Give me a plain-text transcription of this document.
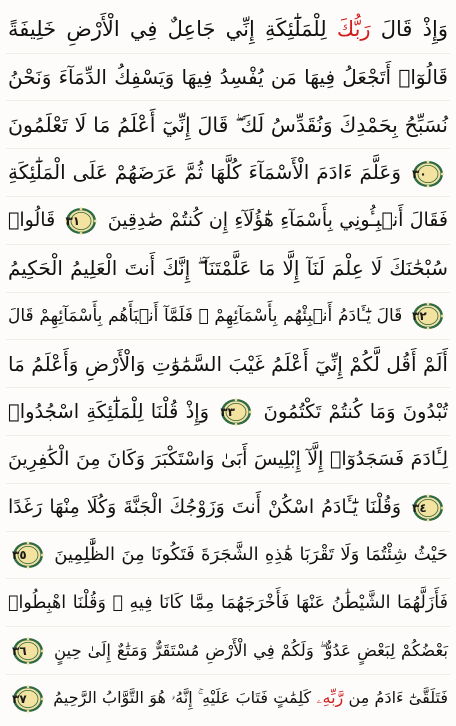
وَإِذْ قَالَ رَبُّكَ لِلْمَلَٰٓئِكَةِ إِنِّي جَاعِلٌ فِي الْأَرْضِ خَلِيفَةً
قَالُوٓا۟ أَتَجْعَلُ فِيهَا مَن يُفْسِدُ فِيهَا وَيَسْفِكُ الدِّمَآءَ وَنَحْنُ
نُسَبِّحُ بِحَمْدِكَ وَنُقَدِّسُ لَكَ ۖ قَالَ إِنِّيٓ أَعْلَمُ مَا لَا تَعْلَمُونَ
٣٠
وَعَلَّمَ ءَادَمَ الْأَسْمَآءَ كُلَّهَا ثُمَّ عَرَضَهُمْ عَلَى الْمَلَٰٓئِكَةِ
فَقَالَ أَنۢبِـُٔونِي بِأَسْمَآءِ هَٰٓؤُلَآءِ إِن كُنتُمْ صَٰدِقِينَ
٣١
قَالُوا۟
سُبْحَٰنَكَ لَا عِلْمَ لَنَآ إِلَّا مَا عَلَّمْتَنَآ ۖ إِنَّكَ أَنتَ الْعَلِيمُ الْحَكِيمُ
٣٢
قَالَ يَٰٓـَٔادَمُ أَنۢبِئْهُم بِأَسْمَآئِهِمْ ۖ فَلَمَّآ أَنۢبَأَهُم بِأَسْمَآئِهِمْ قَالَ
أَلَمْ أَقُل لَّكُمْ إِنِّيٓ أَعْلَمُ غَيْبَ السَّمَٰوَٰتِ وَالْأَرْضِ وَأَعْلَمُ مَا
تُبْدُونَ وَمَا كُنتُمْ تَكْتُمُونَ
٣٣
وَإِذْ قُلْنَا لِلْمَلَٰٓئِكَةِ اسْجُدُوا۟
لِـَٔادَمَ فَسَجَدُوٓا۟ إِلَّآ إِبْلِيسَ أَبَىٰ وَاسْتَكْبَرَ وَكَانَ مِنَ الْكَٰفِرِينَ
٣٤
وَقُلْنَا يَٰٓـَٔادَمُ اسْكُنْ أَنتَ وَزَوْجُكَ الْجَنَّةَ وَكُلَا مِنْهَا رَغَدًا
حَيْثُ شِئْتُمَا وَلَا تَقْرَبَا هَٰذِهِ الشَّجَرَةَ فَتَكُونَا مِنَ الظَّٰلِمِينَ
٣٥
فَأَزَلَّهُمَا الشَّيْطَٰنُ عَنْهَا فَأَخْرَجَهُمَا مِمَّا كَانَا فِيهِ ۖ وَقُلْنَا اهْبِطُوا۟
بَعْضُكُمْ لِبَعْضٍ عَدُوٌّ ۖ وَلَكُمْ فِي الْأَرْضِ مُسْتَقَرٌّ وَمَتَٰعٌ إِلَىٰ حِينٍ
٣٦
فَتَلَقَّىٰٓ ءَادَمُ مِن رَّبِّهِۦ كَلِمَٰتٍ فَتَابَ عَلَيْهِ ۚ إِنَّهُۥ هُوَ التَّوَّابُ الرَّحِيمُ
٣٧
